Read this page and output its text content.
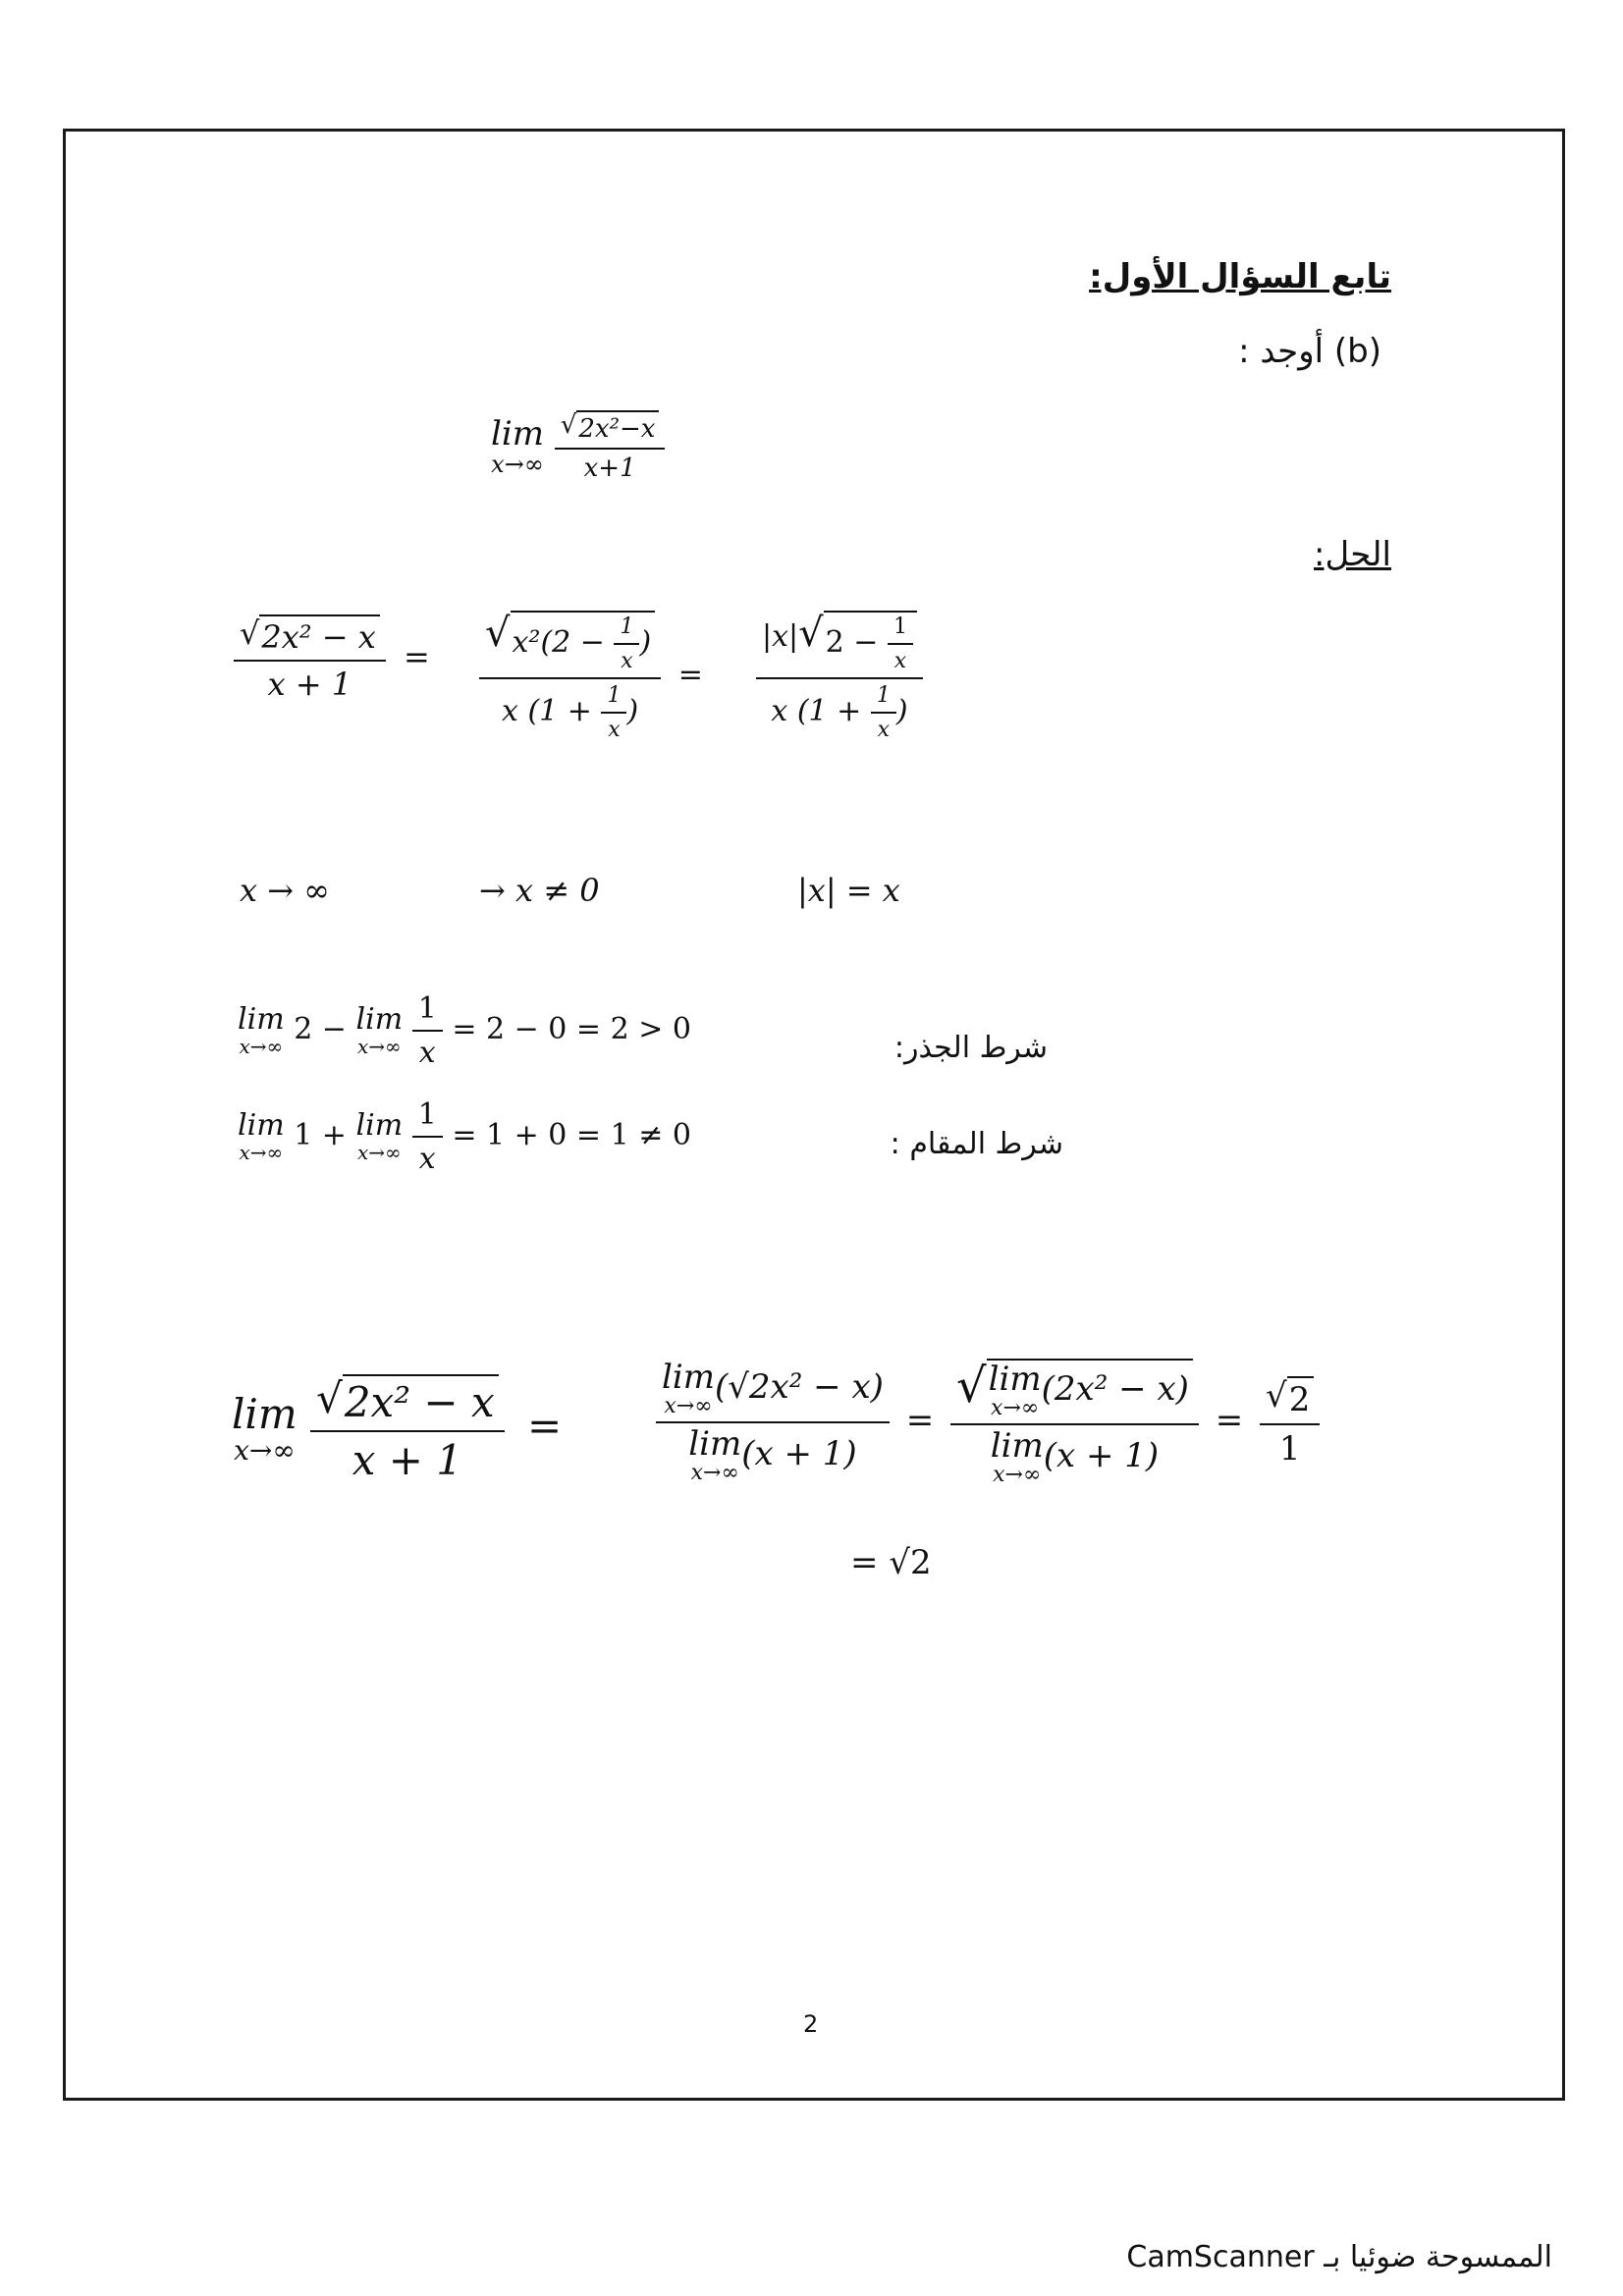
تابع السؤال الأول:
(b) أوجد :
lim
x→∞
$\frac{\text{√ 2x²−x}}{x+1}$
الحل:
$\frac{\text{√ 2x² − x}}{x + 1} = \frac{√ x^2(2 - \frac{1}{x} )}{x (1 + \frac{1}{x} )} = \frac{|x| √ 2 - \frac{1}{x}}{x (1 + \frac{1}{x} )}$
x → ∞	→ x ≠ 0	|x| = x
lim
x→∞ 2 − lim
x→∞
$\frac{1}{x} = 2 - 0 = 2 > 0$
شرط الجذر:
lim
x→∞ 1 + lim
x→∞
$\frac{1}{x} = 1 + 0 = 1 \ne 0$	شرط المقام :
lim
x→∞
$\frac{\text{√ 2x² − x}}{x + 1}$ =	lim
x→∞ (√2x² − x)
lim
x→∞ (x + 1) = √ lim
x→∞ (2x² − x)
lim
x→∞ $(x + 1) = \frac{√ 2}{1}$
= √2
2
الممسوحة ضوئيا بـ CamScanner
